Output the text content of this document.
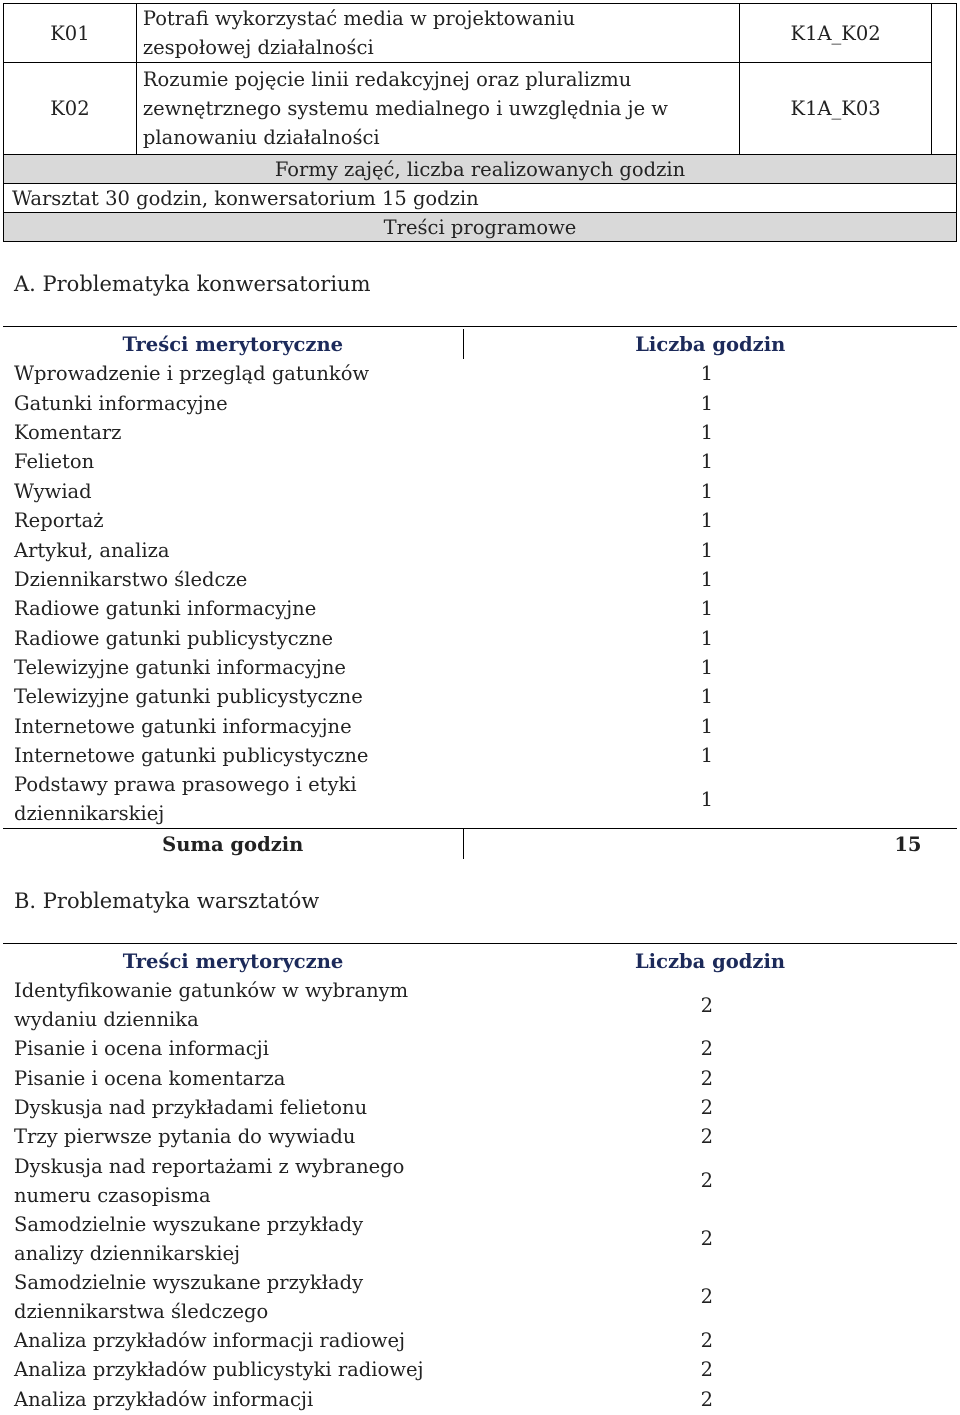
K01	Potrafi wykorzystać media w projektowaniu
zespołowej działalności	K1A_K02	
K02	Rozumie pojęcie linii redakcyjnej oraz pluralizmu
zewnętrznego systemu medialnego i uwzględnia je w
planowaniu działalności	K1A_K03	
Formy zajęć, liczba realizowanych godzin			
Warsztat 30 godzin, konwersatorium 15 godzin			
Treści programowe			
A. Problematyka konwersatorium
Treści merytoryczne	Liczba godzin

Wprowadzenie i przegląd gatunków	1

Gatunki informacyjne	1

Komentarz	1

Felieton	1

Wywiad	1

Reportaż	1

Artykuł, analiza	1

Dziennikarstwo śledcze	1

Radiowe gatunki informacyjne	1

Radiowe gatunki publicystyczne	1

Telewizyjne gatunki informacyjne	1

Telewizyjne gatunki publicystyczne	1

Internetowe gatunki informacyjne	1

Internetowe gatunki publicystyczne	1

Podstawy prawa prasowego i etyki
dziennikarskiej	1
Suma godzin	15
B. Problematyka warsztatów
Treści merytoryczne	Liczba godzin

Identyfikowanie gatunków w wybranym
wydaniu dziennika	2

Pisanie i ocena informacji	2

Pisanie i ocena komentarza	2

Dyskusja nad przykładami felietonu	2

Trzy pierwsze pytania do wywiadu	2

Dyskusja nad reportażami z wybranego
numeru czasopisma	2

Samodzielnie wyszukane przykłady
analizy dziennikarskiej	2

Samodzielnie wyszukane przykłady
dziennikarstwa śledczego	2

Analiza przykładów informacji radiowej	2

Analiza przykładów publicystyki radiowej	2

Analiza przykładów informacji	2
